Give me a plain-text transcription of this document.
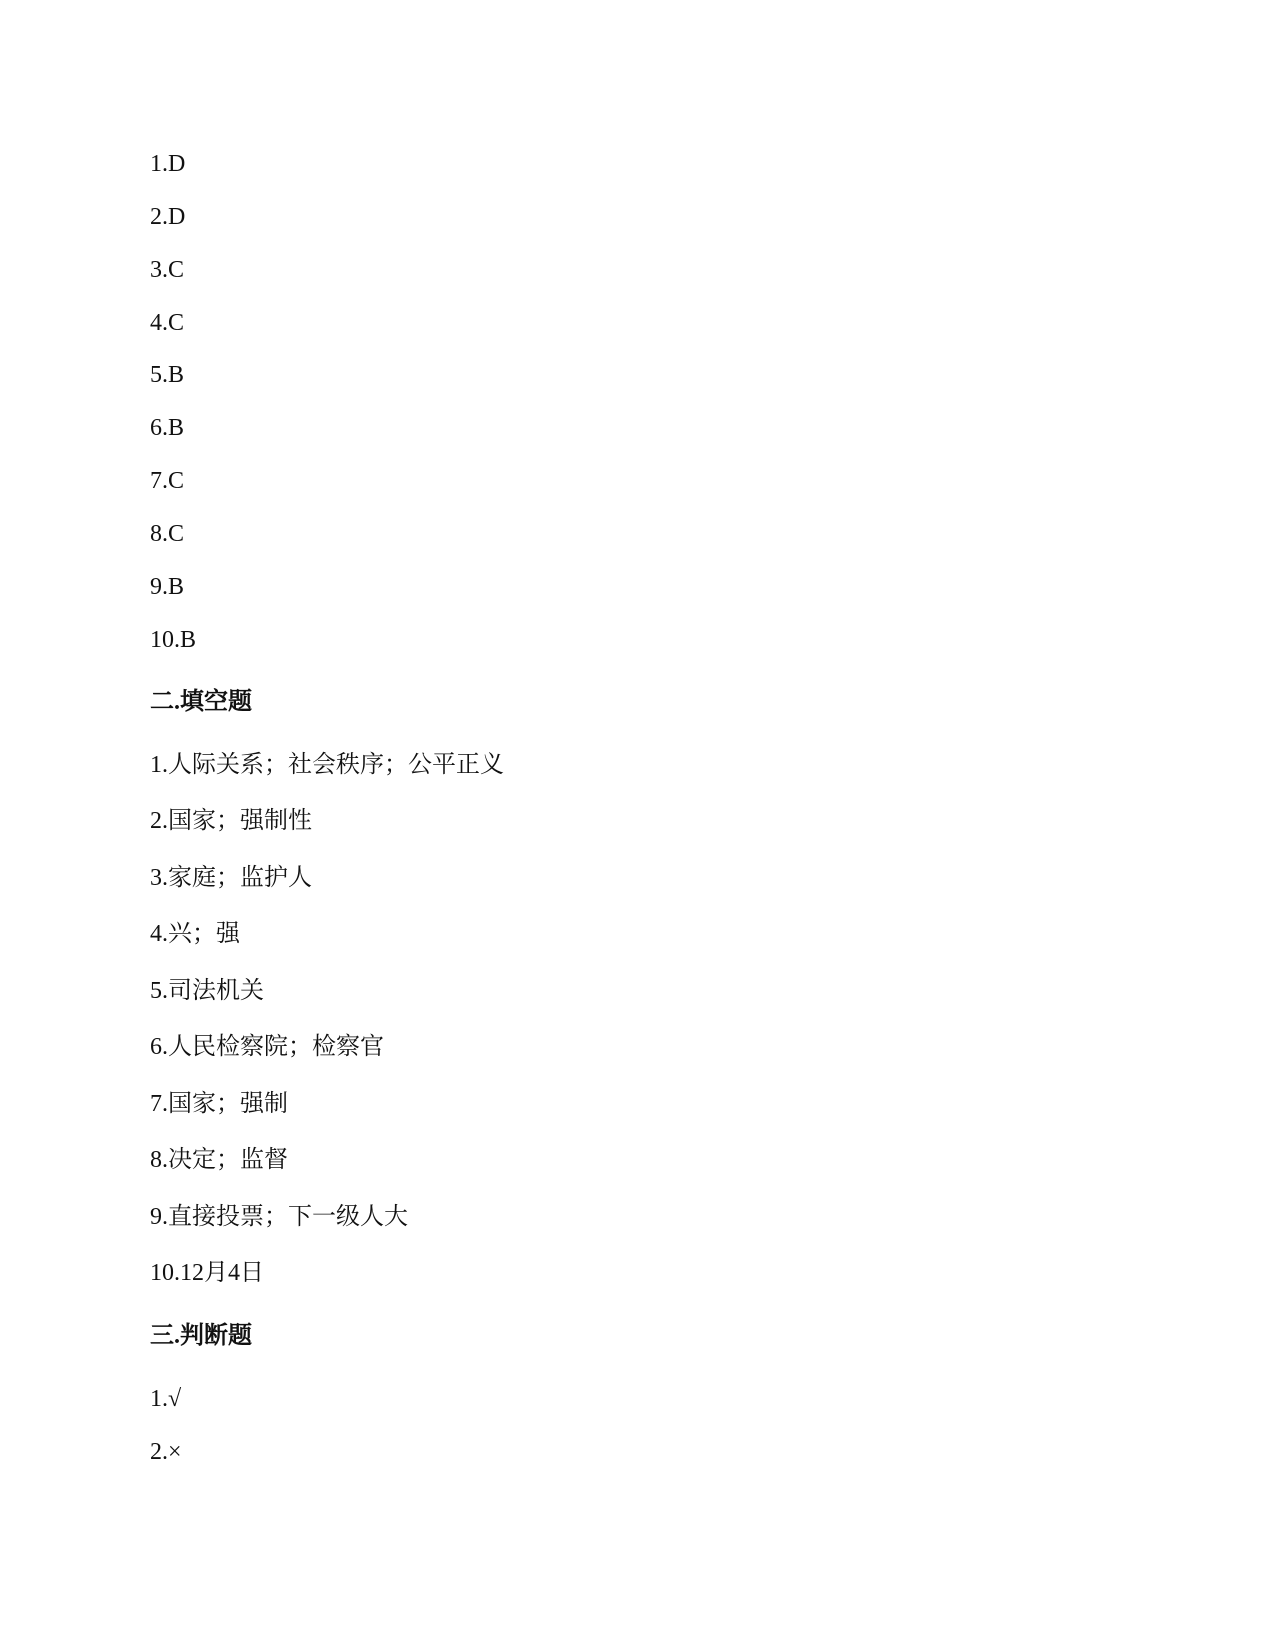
1.D
2.D
3.C
4.C
5.B
6.B
7.C
8.C
9.B
10.B
二.填空题
1.人际关系；社会秩序；公平正义
2.国家；强制性
3.家庭；监护人
4.兴；强
5.司法机关
6.人民检察院；检察官
7.国家；强制
8.决定；监督
9.直接投票；下一级人大
10.12月4日
三.判断题
1.√
2.×
